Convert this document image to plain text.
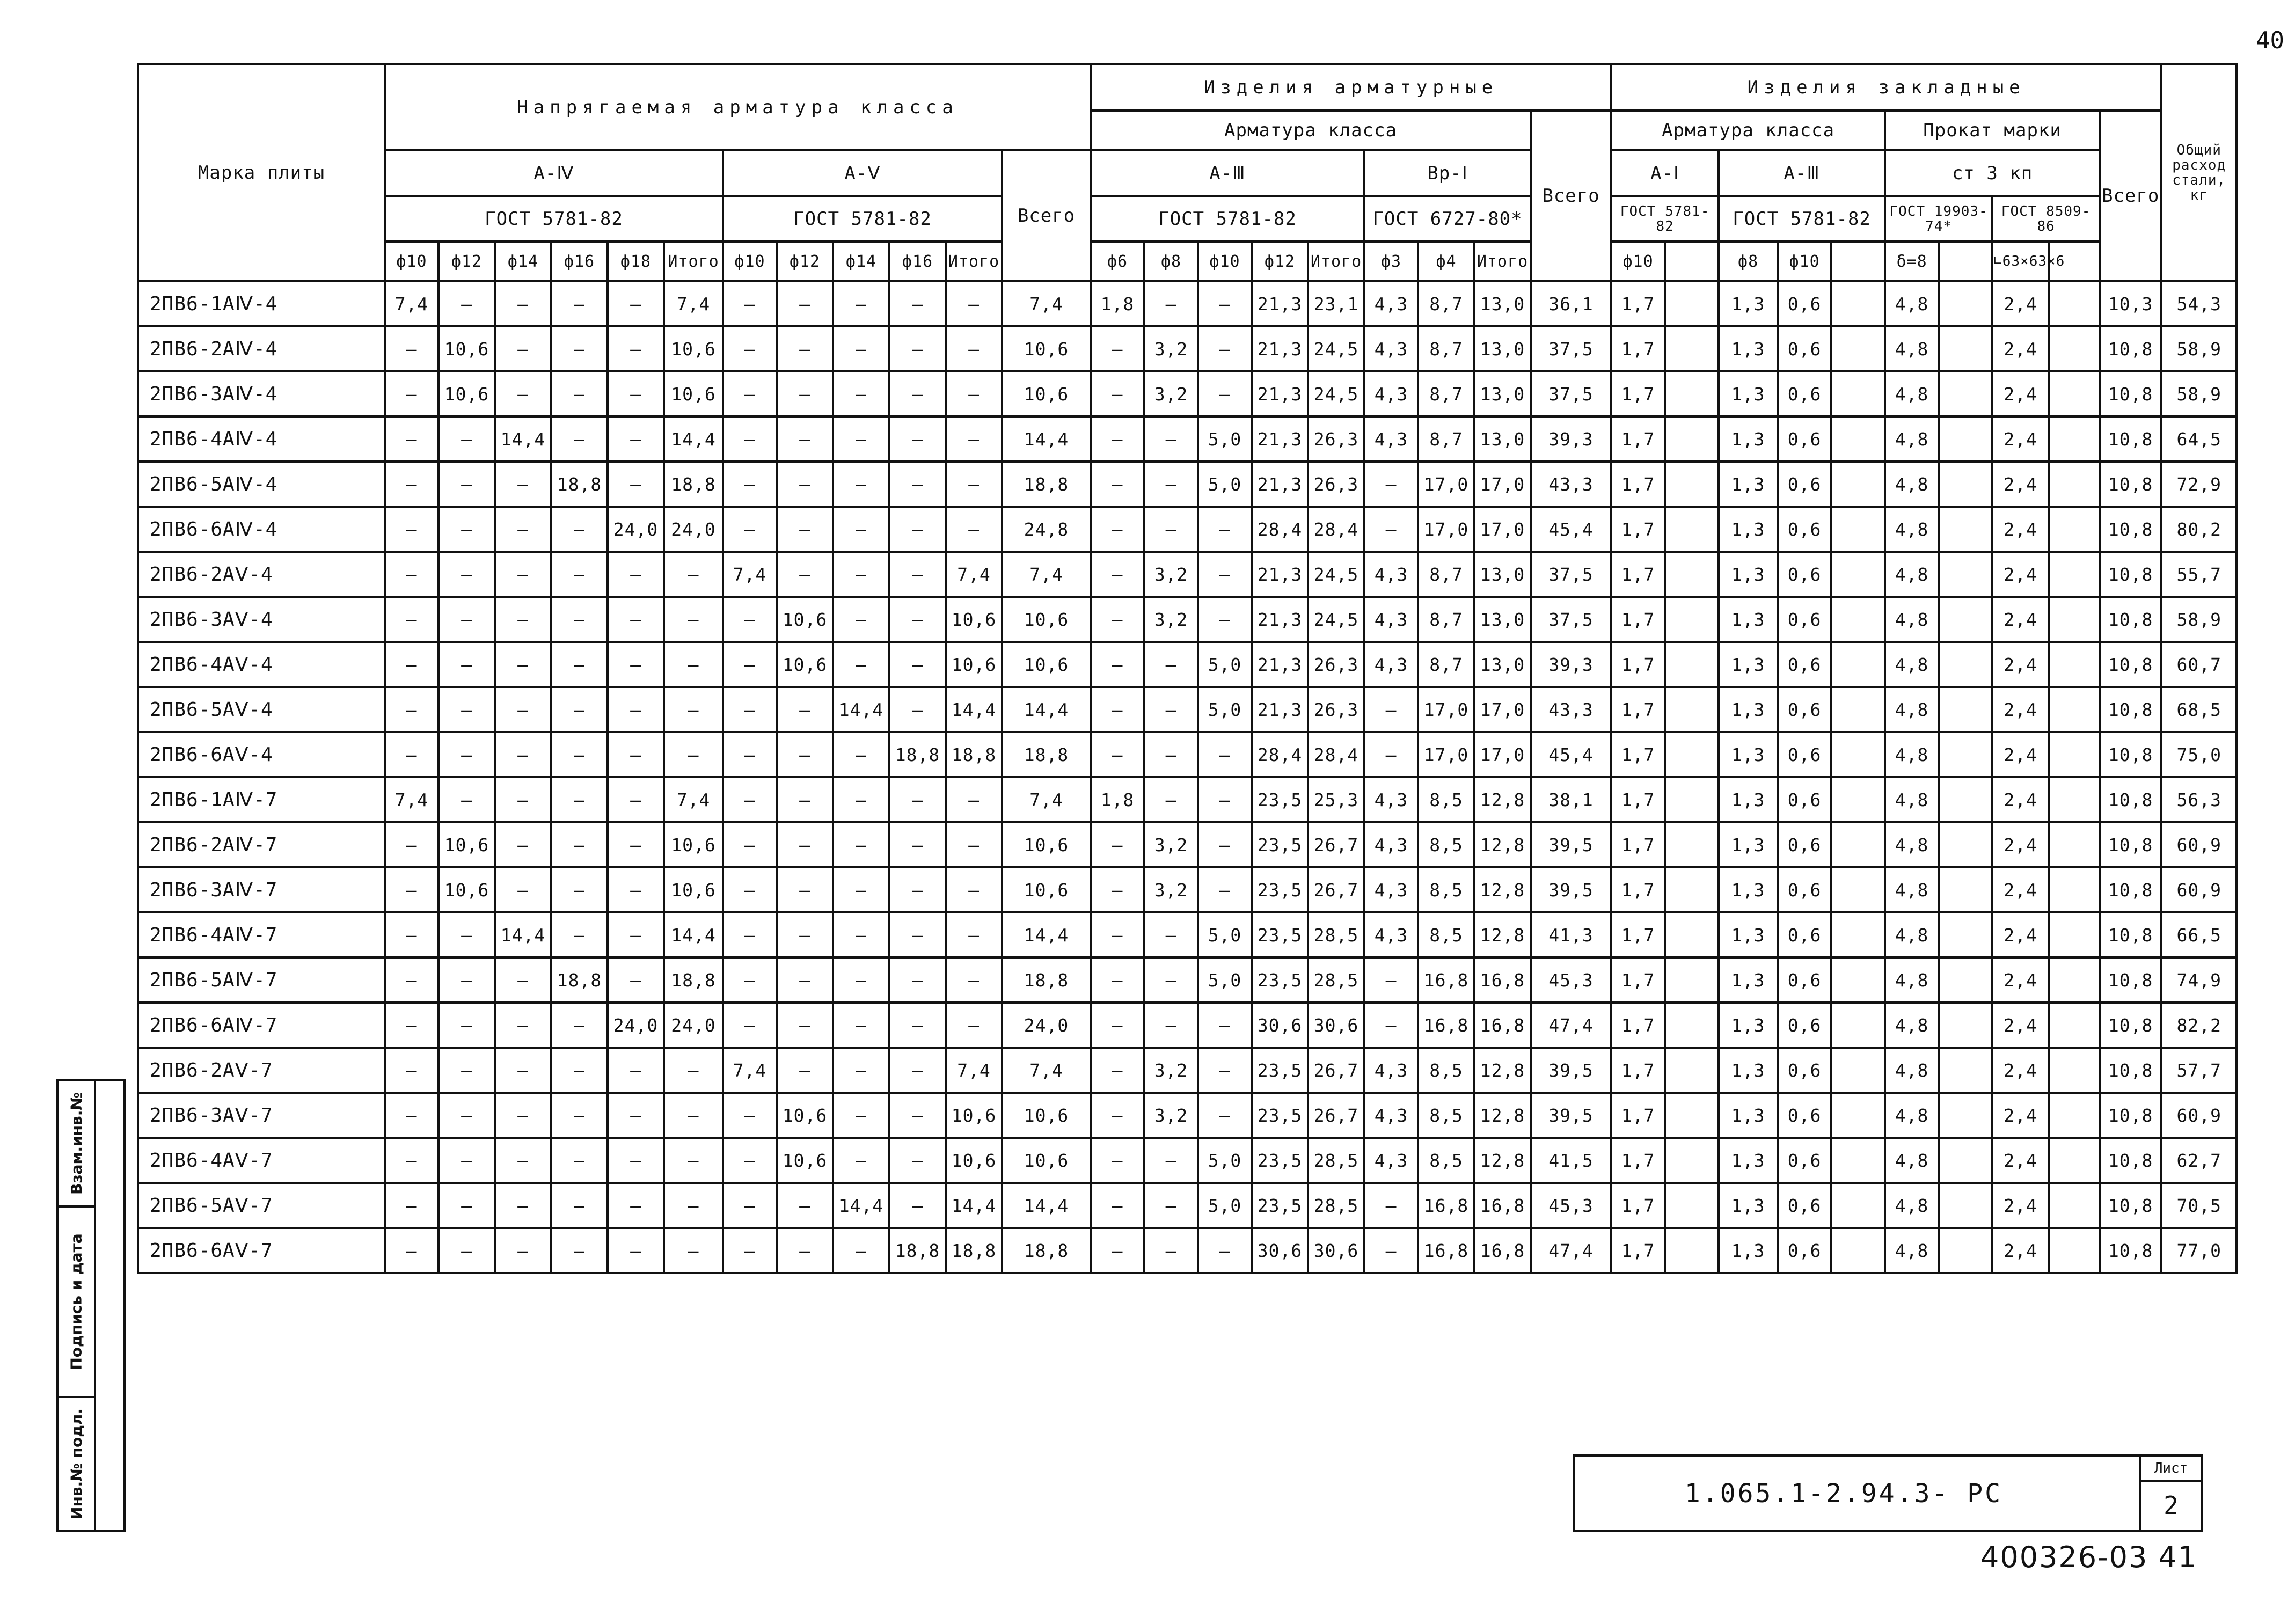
40
Марка плиты	Напрягаемая арматура класса												Изделия арматурные									Изделия закладные										Общий расход стали, кг
													Арматура класса								Всего	Арматура класса					Прокат марки				Всего	
	А-Ⅳ						А-Ⅴ					Всего	А-Ⅲ					Вр-Ⅰ				А-Ⅰ		А-Ⅲ			ст 3 кп					
	ГОСТ 5781-82						ГОСТ 5781-82						ГОСТ 5781-82					ГОСТ 6727-80*				ГОСТ 5781-82		ГОСТ 5781-82			ГОСТ 19903-74*		ГОСТ 8509-86			
	ф10	ф12	ф14	ф16	ф18	Итого	ф10	ф12	ф14	ф16	Итого		ф6	ф8	ф10	ф12	Итого	ф3	ф4	Итого		ф10		ф8	ф10		δ=8		∟63×63×6			
2ПВ6-1АⅣ-4	7,4	—	—	—	—	7,4	—	—	—	—	—	7,4	1,8	—	—	21,3	23,1	4,3	8,7	13,0	36,1	1,7		1,3	0,6		4,8		2,4		10,3	54,3
2ПВ6-2АⅣ-4	—	10,6	—	—	—	10,6	—	—	—	—	—	10,6	—	3,2	—	21,3	24,5	4,3	8,7	13,0	37,5	1,7		1,3	0,6		4,8		2,4		10,8	58,9
2ПВ6-3АⅣ-4	—	10,6	—	—	—	10,6	—	—	—	—	—	10,6	—	3,2	—	21,3	24,5	4,3	8,7	13,0	37,5	1,7		1,3	0,6		4,8		2,4		10,8	58,9
2ПВ6-4АⅣ-4	—	—	14,4	—	—	14,4	—	—	—	—	—	14,4	—	—	5,0	21,3	26,3	4,3	8,7	13,0	39,3	1,7		1,3	0,6		4,8		2,4		10,8	64,5
2ПВ6-5АⅣ-4	—	—	—	18,8	—	18,8	—	—	—	—	—	18,8	—	—	5,0	21,3	26,3	—	17,0	17,0	43,3	1,7		1,3	0,6		4,8		2,4		10,8	72,9
2ПВ6-6АⅣ-4	—	—	—	—	24,0	24,0	—	—	—	—	—	24,8	—	—	—	28,4	28,4	—	17,0	17,0	45,4	1,7		1,3	0,6		4,8		2,4		10,8	80,2
2ПВ6-2АⅤ-4	—	—	—	—	—	—	7,4	—	—	—	7,4	7,4	—	3,2	—	21,3	24,5	4,3	8,7	13,0	37,5	1,7		1,3	0,6		4,8		2,4		10,8	55,7
2ПВ6-3АⅤ-4	—	—	—	—	—	—	—	10,6	—	—	10,6	10,6	—	3,2	—	21,3	24,5	4,3	8,7	13,0	37,5	1,7		1,3	0,6		4,8		2,4		10,8	58,9
2ПВ6-4АⅤ-4	—	—	—	—	—	—	—	10,6	—	—	10,6	10,6	—	—	5,0	21,3	26,3	4,3	8,7	13,0	39,3	1,7		1,3	0,6		4,8		2,4		10,8	60,7
2ПВ6-5АⅤ-4	—	—	—	—	—	—	—	—	14,4	—	14,4	14,4	—	—	5,0	21,3	26,3	—	17,0	17,0	43,3	1,7		1,3	0,6		4,8		2,4		10,8	68,5
2ПВ6-6АⅤ-4	—	—	—	—	—	—	—	—	—	18,8	18,8	18,8	—	—	—	28,4	28,4	—	17,0	17,0	45,4	1,7		1,3	0,6		4,8		2,4		10,8	75,0
2ПВ6-1АⅣ-7	7,4	—	—	—	—	7,4	—	—	—	—	—	7,4	1,8	—	—	23,5	25,3	4,3	8,5	12,8	38,1	1,7		1,3	0,6		4,8		2,4		10,8	56,3
2ПВ6-2АⅣ-7	—	10,6	—	—	—	10,6	—	—	—	—	—	10,6	—	3,2	—	23,5	26,7	4,3	8,5	12,8	39,5	1,7		1,3	0,6		4,8		2,4		10,8	60,9
2ПВ6-3АⅣ-7	—	10,6	—	—	—	10,6	—	—	—	—	—	10,6	—	3,2	—	23,5	26,7	4,3	8,5	12,8	39,5	1,7		1,3	0,6		4,8		2,4		10,8	60,9
2ПВ6-4АⅣ-7	—	—	14,4	—	—	14,4	—	—	—	—	—	14,4	—	—	5,0	23,5	28,5	4,3	8,5	12,8	41,3	1,7		1,3	0,6		4,8		2,4		10,8	66,5
2ПВ6-5АⅣ-7	—	—	—	18,8	—	18,8	—	—	—	—	—	18,8	—	—	5,0	23,5	28,5	—	16,8	16,8	45,3	1,7		1,3	0,6		4,8		2,4		10,8	74,9
2ПВ6-6АⅣ-7	—	—	—	—	24,0	24,0	—	—	—	—	—	24,0	—	—	—	30,6	30,6	—	16,8	16,8	47,4	1,7		1,3	0,6		4,8		2,4		10,8	82,2
2ПВ6-2АⅤ-7	—	—	—	—	—	—	7,4	—	—	—	7,4	7,4	—	3,2	—	23,5	26,7	4,3	8,5	12,8	39,5	1,7		1,3	0,6		4,8		2,4		10,8	57,7
2ПВ6-3АⅤ-7	—	—	—	—	—	—	—	10,6	—	—	10,6	10,6	—	3,2	—	23,5	26,7	4,3	8,5	12,8	39,5	1,7		1,3	0,6		4,8		2,4		10,8	60,9
2ПВ6-4АⅤ-7	—	—	—	—	—	—	—	10,6	—	—	10,6	10,6	—	—	5,0	23,5	28,5	4,3	8,5	12,8	41,5	1,7		1,3	0,6		4,8		2,4		10,8	62,7
2ПВ6-5АⅤ-7	—	—	—	—	—	—	—	—	14,4	—	14,4	14,4	—	—	5,0	23,5	28,5	—	16,8	16,8	45,3	1,7		1,3	0,6		4,8		2,4		10,8	70,5
2ПВ6-6АⅤ-7	—	—	—	—	—	—	—	—	—	18,8	18,8	18,8	—	—	—	30,6	30,6	—	16,8	16,8	47,4	1,7		1,3	0,6		4,8		2,4		10,8	77,0
Взам.инв.№
Подпись и дата
Инв.№ подл.	1.065.1-2.94.3- РС
Лист
2
400326-03 41
